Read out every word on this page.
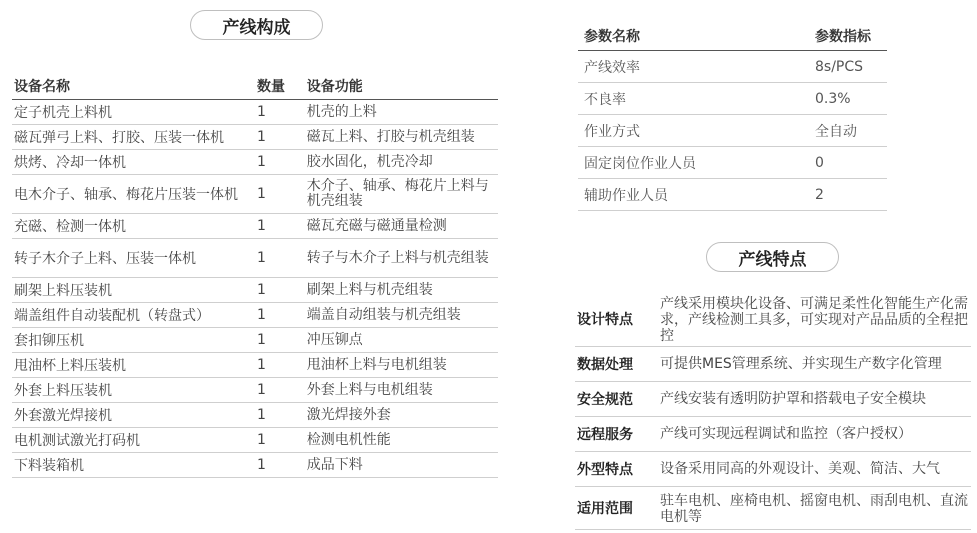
产线构成
设备名称	数量	设备功能
定子机壳上料机	1	机壳的上料
磁瓦弹弓上料、打胶、压装一体机	1	磁瓦上料、打胶与机壳组装
烘烤、冷却一体机	1	胶水固化，机壳冷却
电木介子、轴承、梅花片压装一体机	1	木介子、轴承、梅花片上料与机壳组装
充磁、检测一体机	1	磁瓦充磁与磁通量检测
转子木介子上料、压装一体机	1	转子与木介子上料与机壳组装
刷架上料压装机	1	刷架上料与机壳组装
端盖组件自动装配机（转盘式）	1	端盖自动组装与机壳组装
套扣铆压机	1	冲压铆点
甩油杯上料压装机	1	甩油杯上料与电机组装
外套上料压装机	1	外套上料与电机组装
外套激光焊接机	1	激光焊接外套
电机测试激光打码机	1	检测电机性能
下料装箱机	1	成品下料
参数名称	参数指标
产线效率	8s/PCS
不良率	0.3%
作业方式	全自动
固定岗位作业人员	0
辅助作业人员	2
产线特点
设计特点	产线采用模块化设备、可满足柔性化智能生产化需求，产线检测工具多，可实现对产品品质的全程把控
数据处理	可提供MES管理系统、并实现生产数字化管理
安全规范	产线安装有透明防护罩和搭载电子安全模块
远程服务	产线可实现远程调试和监控（客户授权）
外型特点	设备采用同高的外观设计、美观、简洁、大气
适用范围	驻车电机、座椅电机、摇窗电机、雨刮电机、直流电机等
